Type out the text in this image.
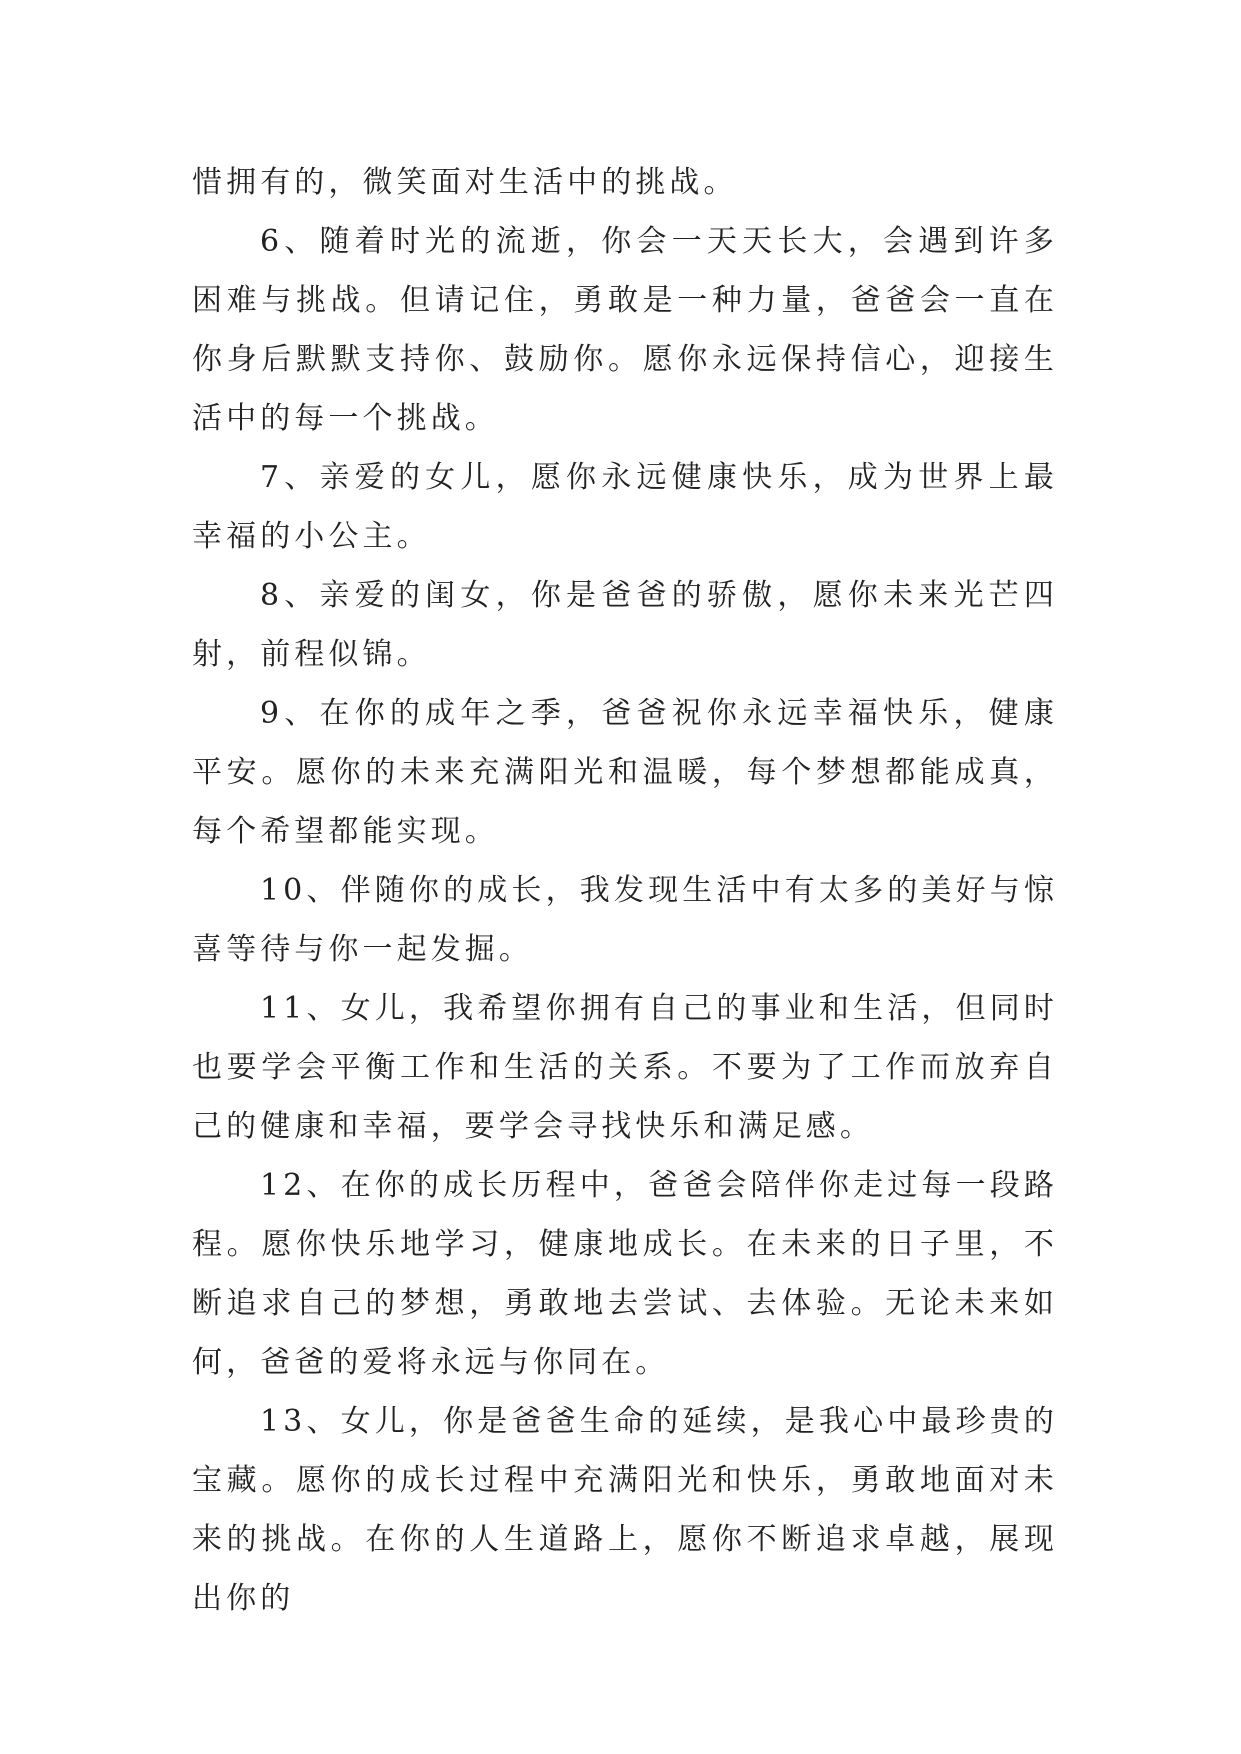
惜拥有的，微笑面对生活中的挑战。

6、随着时光的流逝，你会一天天长大，会遇到许多困难与挑战。但请记住，勇敢是一种力量，爸爸会一直在你身后默默支持你、鼓励你。愿你永远保持信心，迎接生活中的每一个挑战。

7、亲爱的女儿，愿你永远健康快乐，成为世界上最幸福的小公主。

8、亲爱的闺女，你是爸爸的骄傲，愿你未来光芒四射，前程似锦。

9、在你的成年之季，爸爸祝你永远幸福快乐，健康平安。愿你的未来充满阳光和温暖，每个梦想都能成真，每个希望都能实现。

10、伴随你的成长，我发现生活中有太多的美好与惊喜等待与你一起发掘。

11、女儿，我希望你拥有自己的事业和生活，但同时也要学会平衡工作和生活的关系。不要为了工作而放弃自己的健康和幸福，要学会寻找快乐和满足感。

12、在你的成长历程中，爸爸会陪伴你走过每一段路程。愿你快乐地学习，健康地成长。在未来的日子里，不断追求自己的梦想，勇敢地去尝试、去体验。无论未来如何，爸爸的爱将永远与你同在。

13、女儿，你是爸爸生命的延续，是我心中最珍贵的宝藏。愿你的成长过程中充满阳光和快乐，勇敢地面对未来的挑战。在你的人生道路上，愿你不断追求卓越，展现出你的
